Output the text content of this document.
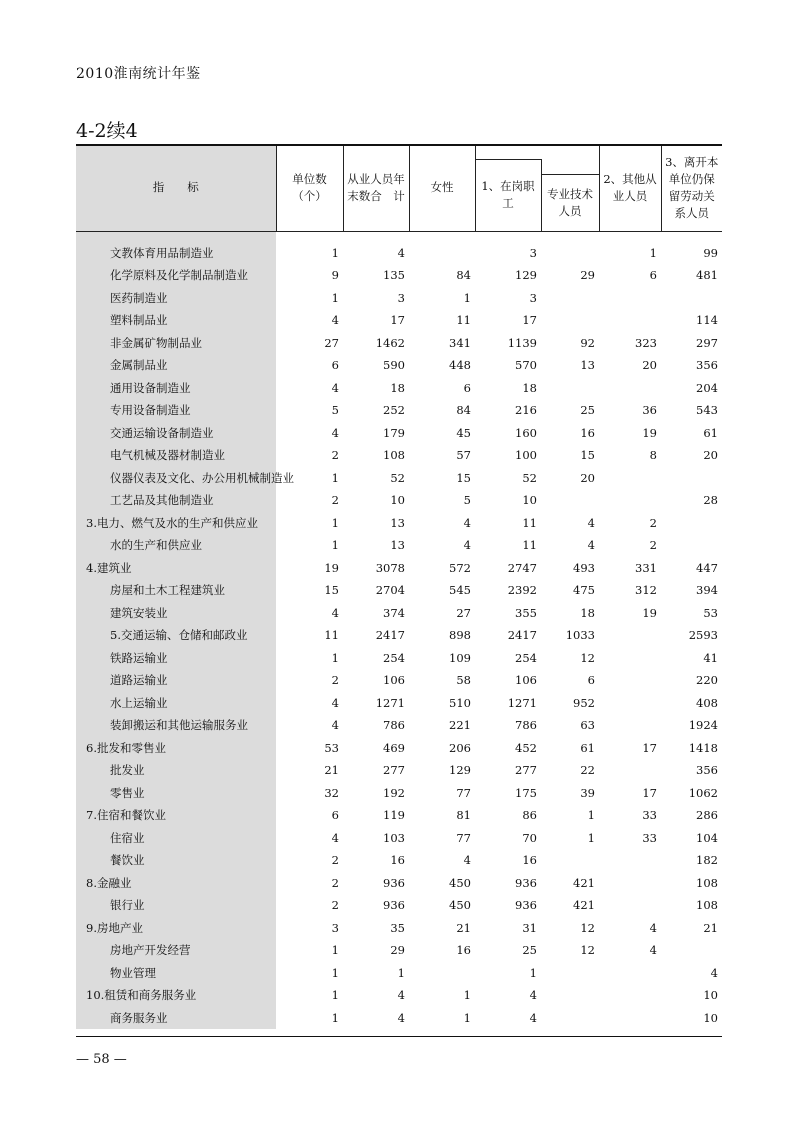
2010淮南统计年鉴
4-2续4
指　　标	单位数（个）	从业人员年末数合　计	女性			2、其他从业人员	3、离开本单位仍保留劳动关系人员
				1、在岗职工			
					专业技术人员		
文教体育用品制造业	1	4		3		1	99
化学原料及化学制品制造业	9	135	84	129	29	6	481
医药制造业	1	3	1	3			
塑料制品业	4	17	11	17			114
非金属矿物制品业	27	1462	341	1139	92	323	297
金属制品业	6	590	448	570	13	20	356
通用设备制造业	4	18	6	18			204
专用设备制造业	5	252	84	216	25	36	543
交通运输设备制造业	4	179	45	160	16	19	61
电气机械及器材制造业	2	108	57	100	15	8	20
仪器仪表及文化、办公用机械制造业	1	52	15	52	20		
工艺品及其他制造业	2	10	5	10			28
3.电力、燃气及水的生产和供应业	1	13	4	11	4	2	
水的生产和供应业	1	13	4	11	4	2	
4.建筑业	19	3078	572	2747	493	331	447
房屋和土木工程建筑业	15	2704	545	2392	475	312	394
建筑安装业	4	374	27	355	18	19	53
5.交通运输、仓储和邮政业	11	2417	898	2417	1033		2593
铁路运输业	1	254	109	254	12		41
道路运输业	2	106	58	106	6		220
水上运输业	4	1271	510	1271	952		408
装卸搬运和其他运输服务业	4	786	221	786	63		1924
6.批发和零售业	53	469	206	452	61	17	1418
批发业	21	277	129	277	22		356
零售业	32	192	77	175	39	17	1062
7.住宿和餐饮业	6	119	81	86	1	33	286
住宿业	4	103	77	70	1	33	104
餐饮业	2	16	4	16			182
8.金融业	2	936	450	936	421		108
银行业	2	936	450	936	421		108
9.房地产业	3	35	21	31	12	4	21
房地产开发经营	1	29	16	25	12	4	
物业管理	1	1		1			4
10.租赁和商务服务业	1	4	1	4			10
商务服务业	1	4	1	4			10
— 58 —
